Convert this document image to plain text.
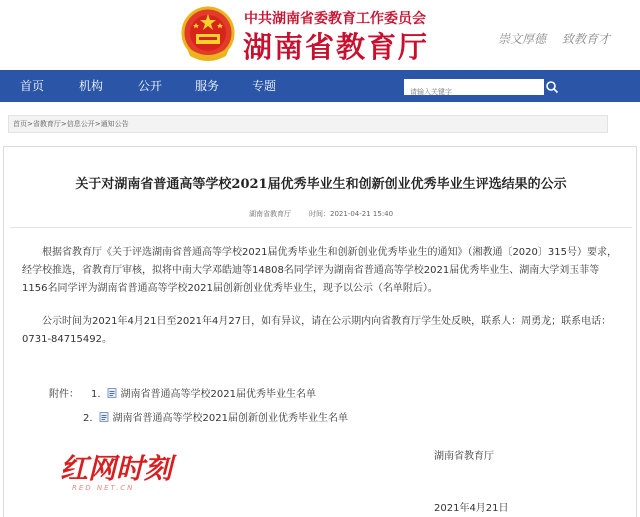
中共湖南省委教育工作委员会
湖南省教育厅	崇文厚德 致教育才
首页	机构	公开	服务	专题
请输入关键字
首页>省教育厅>信息公开>通知公告
关于对湖南省普通高等学校2021届优秀毕业生和创新创业优秀毕业生评选结果的公示
湖南省教育厅	时间：2021-04-21 15:40
根据省教育厅《关于评选湖南省普通高等学校2021届优秀毕业生和创新创业优秀毕业生的通知》（湘教通〔2020〕315号）要求，经学校推选，省教育厅审核，拟将中南大学邓皓迪等14808名同学评为湖南省普通高等学校2021届优秀毕业生、湖南大学刘玉菲等1156名同学评为湖南省普通高等学校2021届创新创业优秀毕业生，现予以公示（名单附后）。
公示时间为2021年4月21日至2021年4月27日，如有异议，请在公示期内向省教育厅学生处反映，联系人：周勇龙；联系电话：0731-84715492。
附件： 1. 湖南省普通高等学校2021届优秀毕业生名单
2. 湖南省普通高等学校2021届创新创业优秀毕业生名单
湖南省教育厅
2021年4月21日
红网时刻
RED NET.CN
